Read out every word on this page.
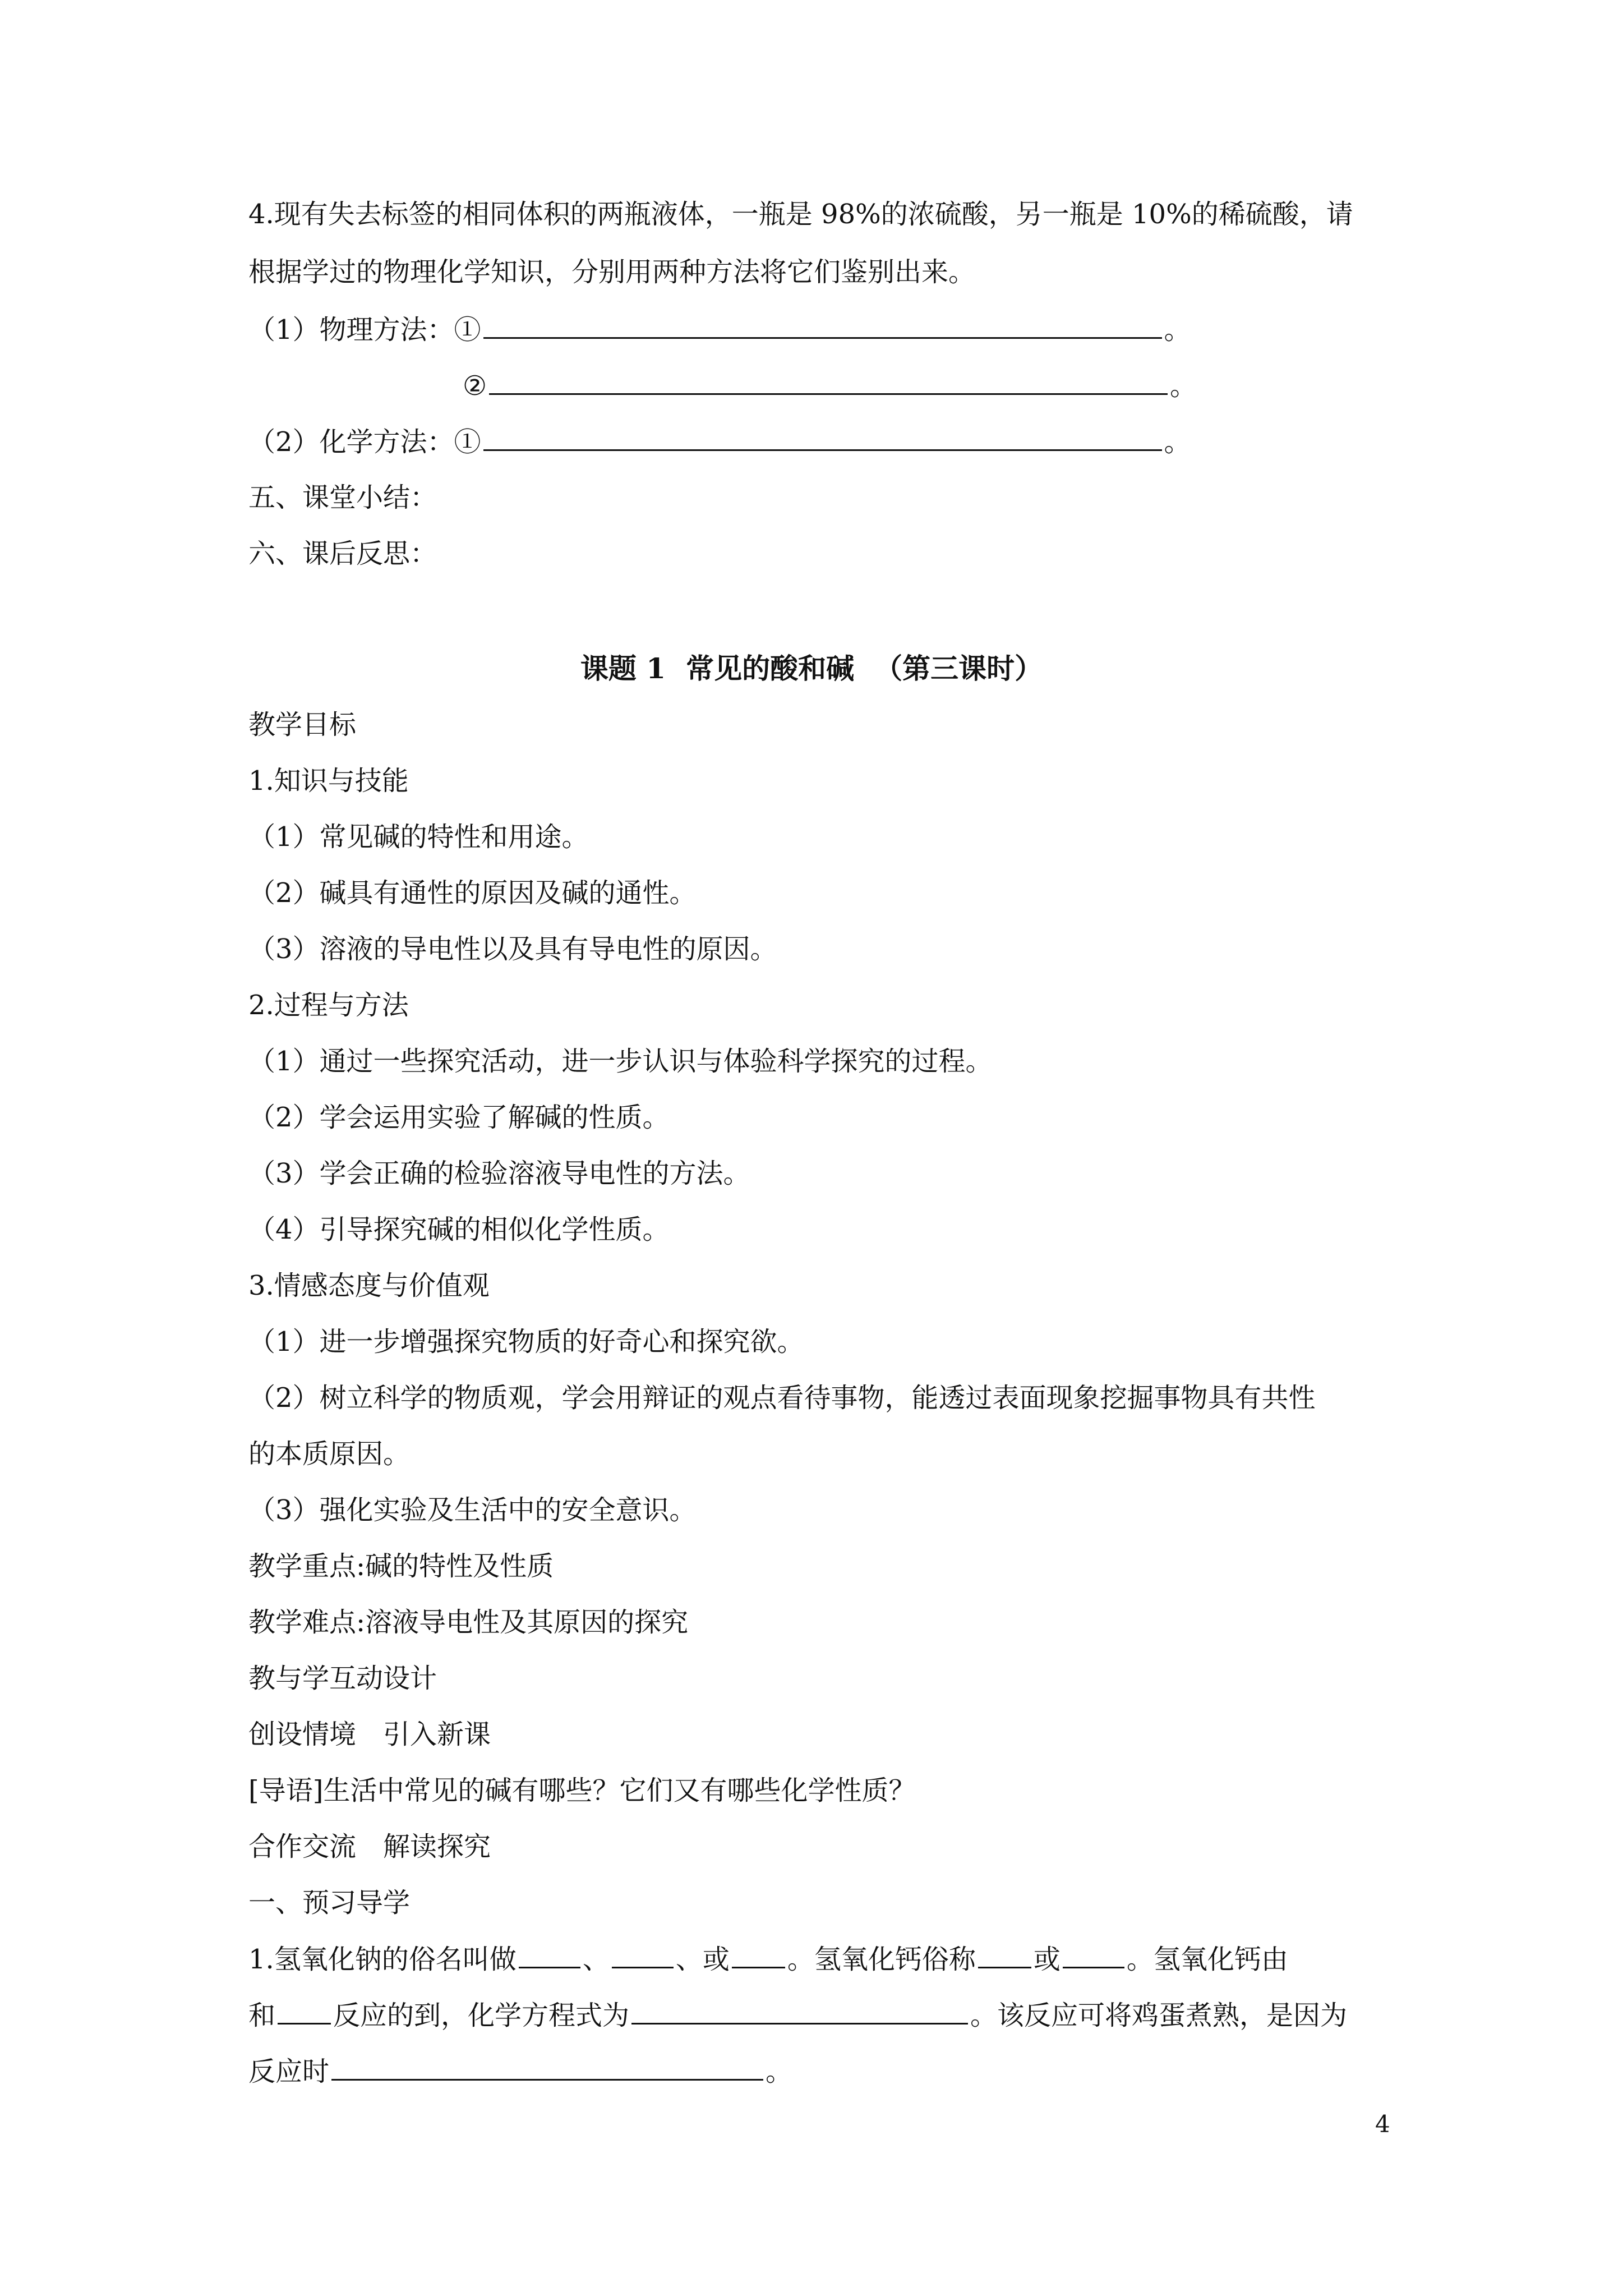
4.现有失去标签的相同体积的两瓶液体，一瓶是 98%的浓硫酸，另一瓶是 10%的稀硫酸，请
根据学过的物理化学知识，分别用两种方法将它们鉴别出来。
（1）物理方法：①	。
②	。
（2）化学方法：①	。
五、课堂小结：
六、课后反思：
课题 1 常见的酸和碱 （第三课时）
教学目标
1.知识与技能
（1）常见碱的特性和用途。
（2）碱具有通性的原因及碱的通性。
（3）溶液的导电性以及具有导电性的原因。
2.过程与方法
（1）通过一些探究活动，进一步认识与体验科学探究的过程。
（2）学会运用实验了解碱的性质。
（3）学会正确的检验溶液导电性的方法。
（4）引导探究碱的相似化学性质。
3.情感态度与价值观
（1）进一步增强探究物质的好奇心和探究欲。
（2）树立科学的物质观，学会用辩证的观点看待事物，能透过表面现象挖掘事物具有共性
的本质原因。
（3）强化实验及生活中的安全意识。
教学重点:碱的特性及性质
教学难点:溶液导电性及其原因的探究
教与学互动设计
创设情境　引入新课
[导语]生活中常见的碱有哪些？它们又有哪些化学性质？
合作交流　解读探究
一、预习导学
1.氢氧化钠的俗名叫做 、 、或 。氢氧化钙俗称 或 。氢氧化钙由
和 反应的到，化学方程式为	。该反应可将鸡蛋煮熟，是因为
反应时	。
4
